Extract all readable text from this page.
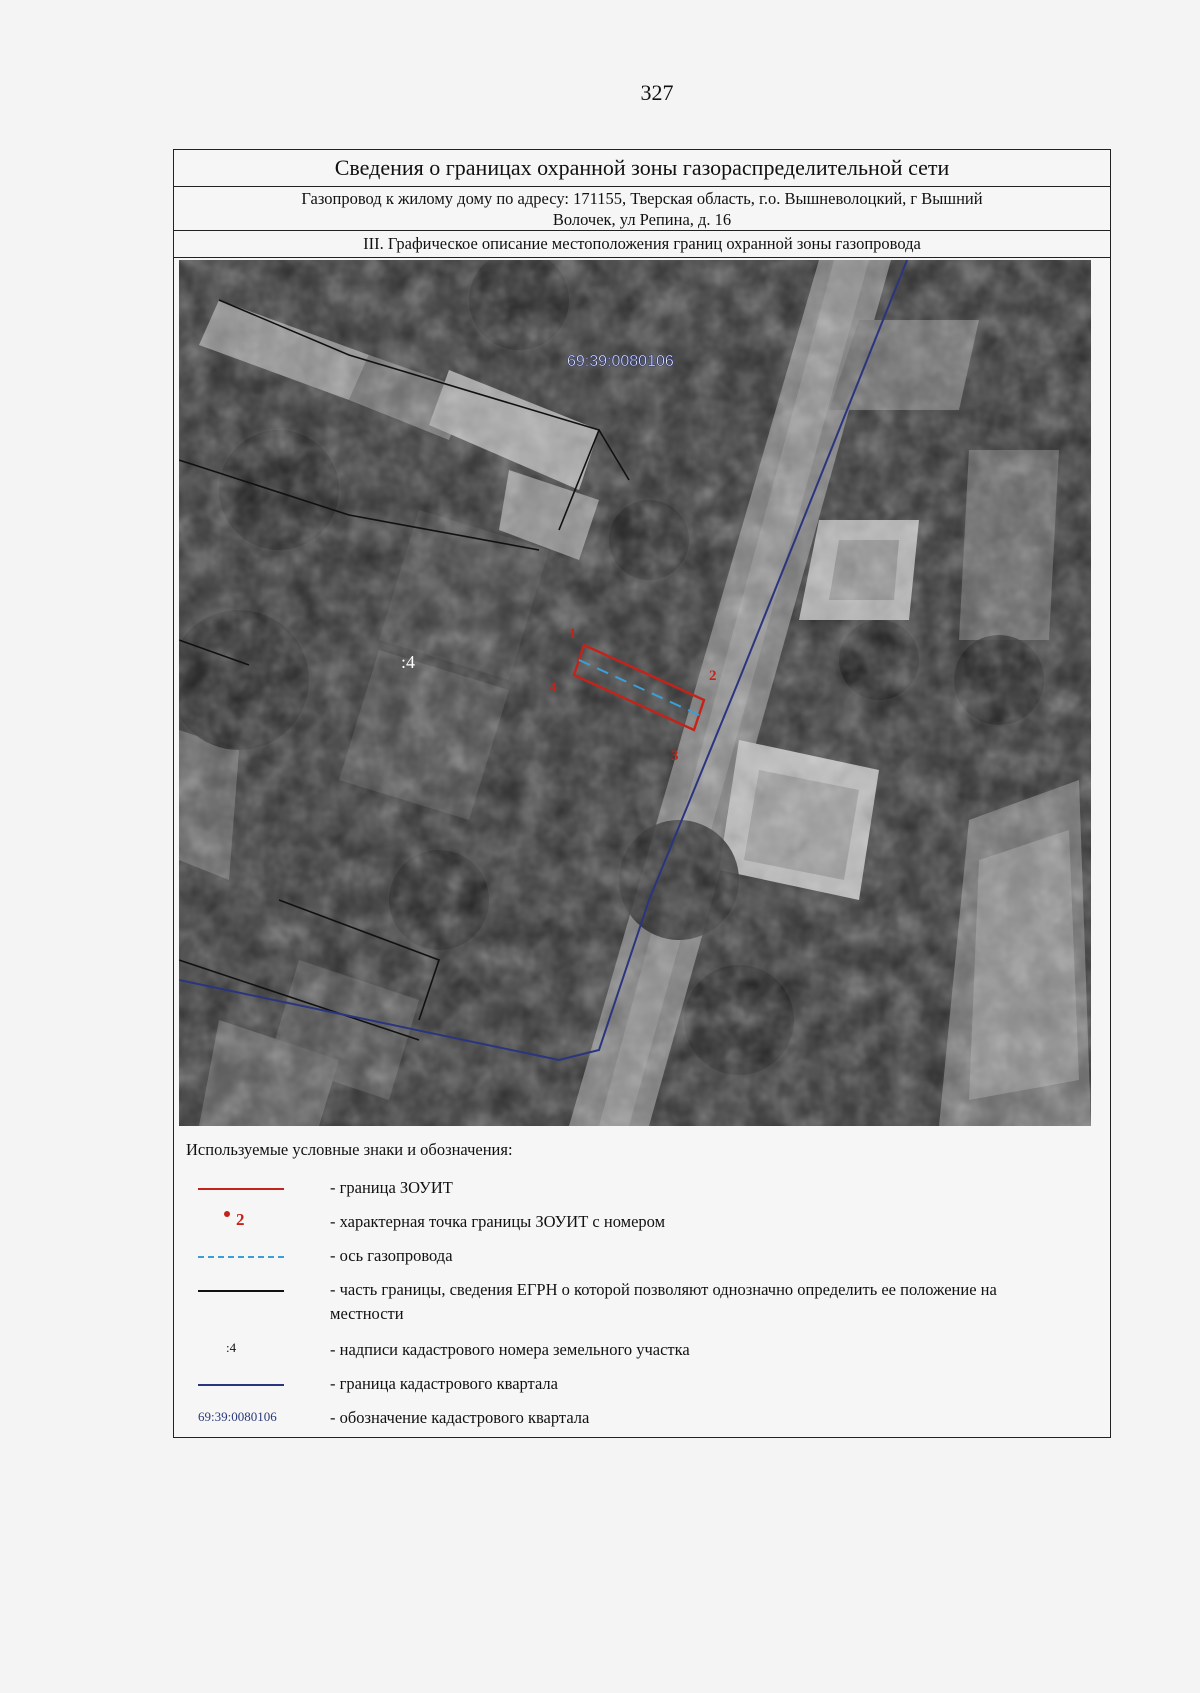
327
Сведения о границах охранной зоны газораспределительной сети
Газопровод к жилому дому по адресу: 171155, Тверская область, г.о. Вышневолоцкий, г Вышний
Волочек, ул Репина, д. 16
III. Графическое описание местоположения границ охранной зоны газопровода
1
2
3
4
:4
69:39:0080106
Используемые условные знаки и обозначения:
- граница ЗОУИТ
2	- характерная точка границы ЗОУИТ с номером
- ось газопровода
- часть границы, сведения ЕГРН о которой позволяют однозначно определить ее положение на местности
:4	- надписи кадастрового номера земельного участка
- граница кадастрового квартала
69:39:0080106	- обозначение кадастрового квартала
